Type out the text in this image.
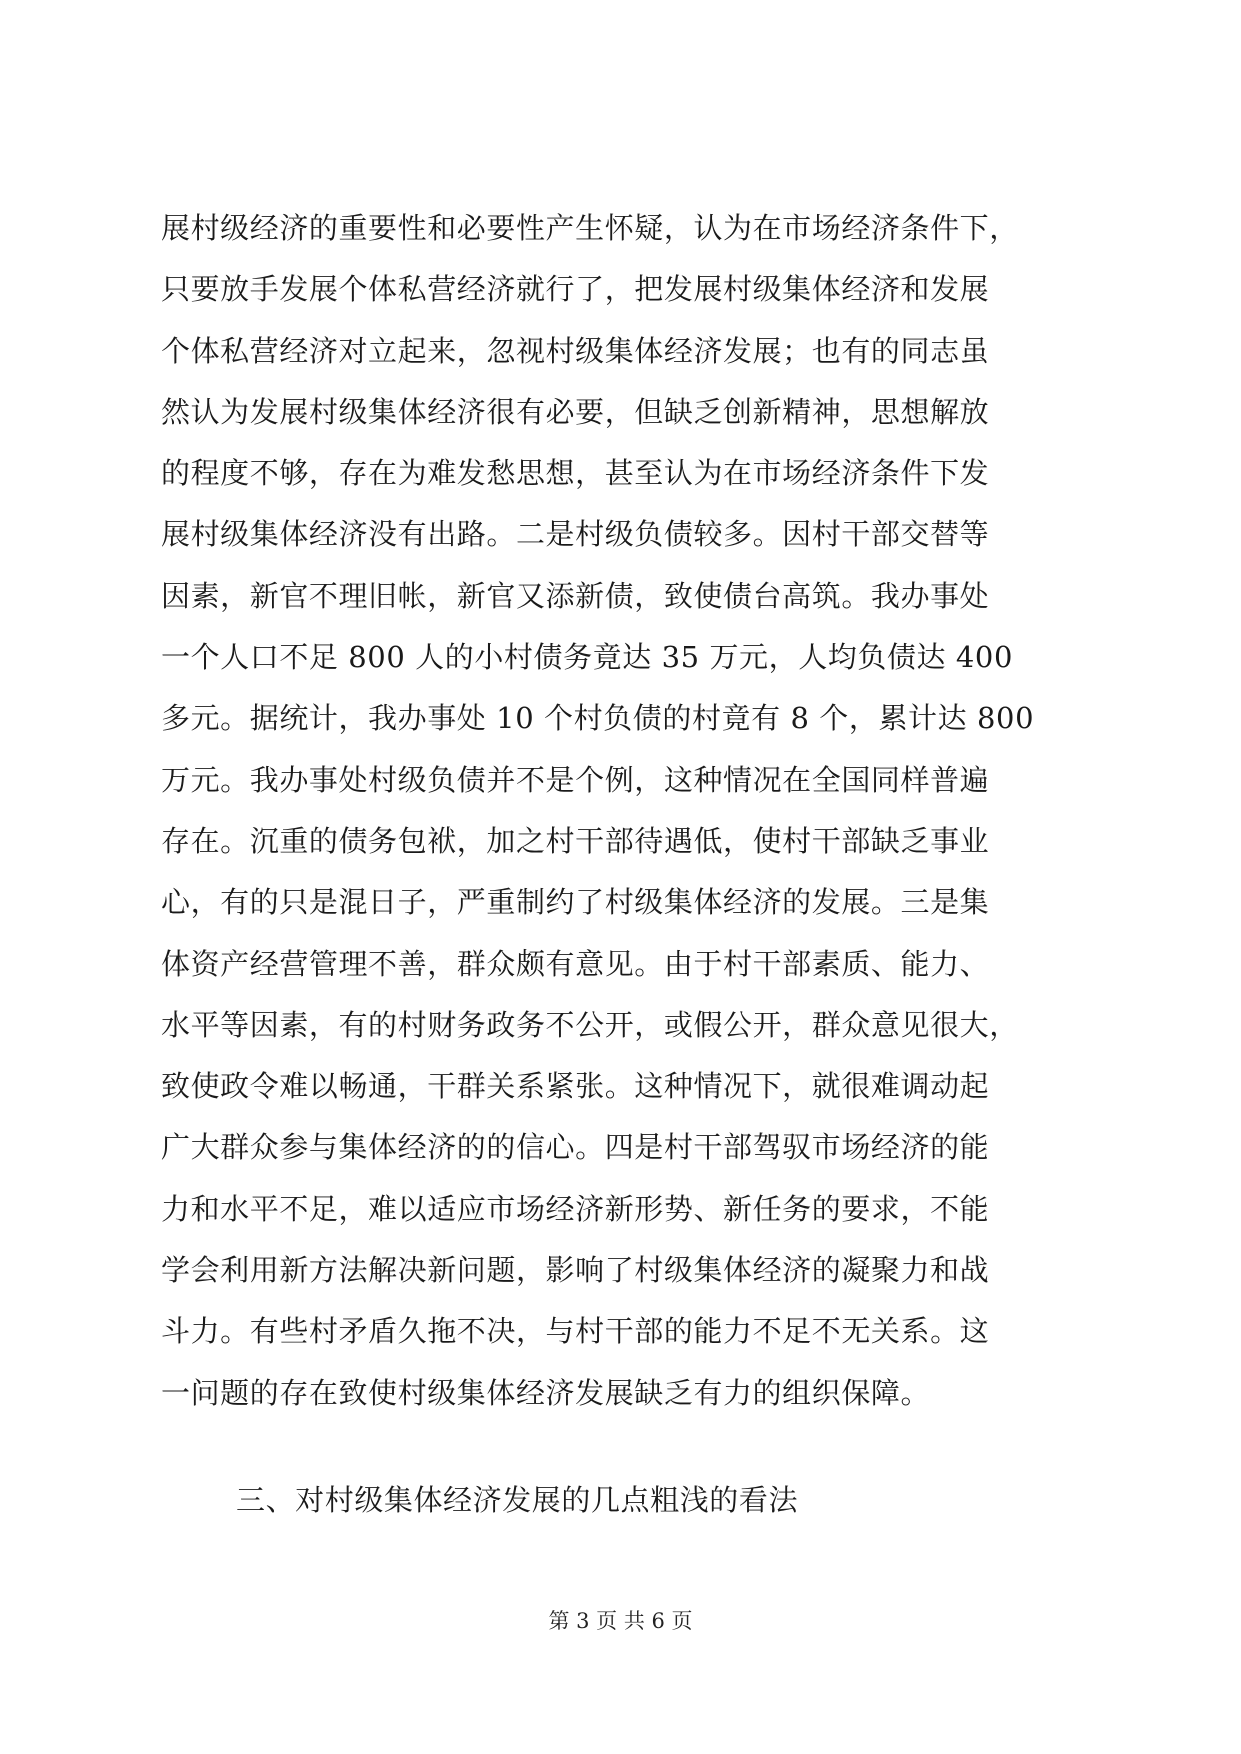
展村级经济的重要性和必要性产生怀疑，认为在市场经济条件下，
只要放手发展个体私营经济就行了，把发展村级集体经济和发展
个体私营经济对立起来，忽视村级集体经济发展；也有的同志虽
然认为发展村级集体经济很有必要，但缺乏创新精神，思想解放
的程度不够，存在为难发愁思想，甚至认为在市场经济条件下发
展村级集体经济没有出路。二是村级负债较多。因村干部交替等
因素，新官不理旧帐，新官又添新债，致使债台高筑。我办事处
一个人口不足 800 人的小村债务竟达 35 万元，人均负债达 400
多元。据统计，我办事处 10 个村负债的村竟有 8 个，累计达 800
万元。我办事处村级负债并不是个例，这种情况在全国同样普遍
存在。沉重的债务包袱，加之村干部待遇低，使村干部缺乏事业
心，有的只是混日子，严重制约了村级集体经济的发展。三是集
体资产经营管理不善，群众颇有意见。由于村干部素质、能力、
水平等因素，有的村财务政务不公开，或假公开，群众意见很大，
致使政令难以畅通，干群关系紧张。这种情况下，就很难调动起
广大群众参与集体经济的的信心。四是村干部驾驭市场经济的能
力和水平不足，难以适应市场经济新形势、新任务的要求，不能
学会利用新方法解决新问题，影响了村级集体经济的凝聚力和战
斗力。有些村矛盾久拖不决，与村干部的能力不足不无关系。这
一问题的存在致使村级集体经济发展缺乏有力的组织保障。
三、对村级集体经济发展的几点粗浅的看法
第 3 页 共 6 页
